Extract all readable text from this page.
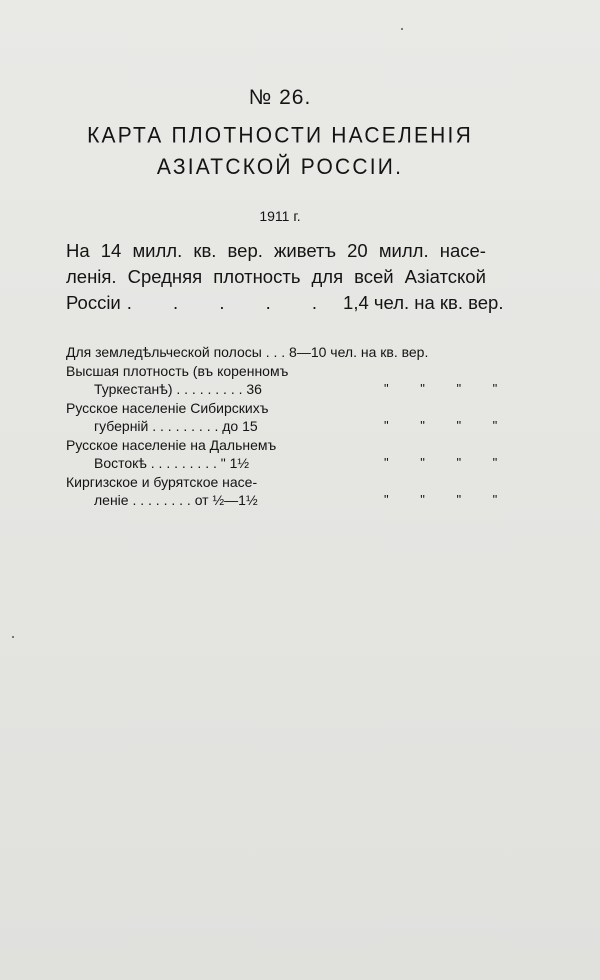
№ 26.
КАРТА ПЛОТНОСТИ НАСЕЛЕНIЯ
АЗIАТСКОЙ РОССIИ.
1911 г.
На 14 милл. кв. вер. живетъ 20 милл. насе-
ленiя. Средняя плотность для всей Азiатской
Россiи . . . . . 1,4 чел. на кв. вер.
Для земледѣльческой полосы . . . 8—10 чел. на кв. вер.
Высшая плотность (въ коренномъ
Туркестанѣ) . . . . . . . . . 36	" " " "
Русское населенiе Сибирскихъ
губернiй . . . . . . . . . до 15	" " " "
Русское населенiе на Дальнемъ
Востокѣ . . . . . . . . . " 1½	" " " "
Киргизское и бурятское насе-
ленiе . . . . . . . . от ½—1½	" " " "
